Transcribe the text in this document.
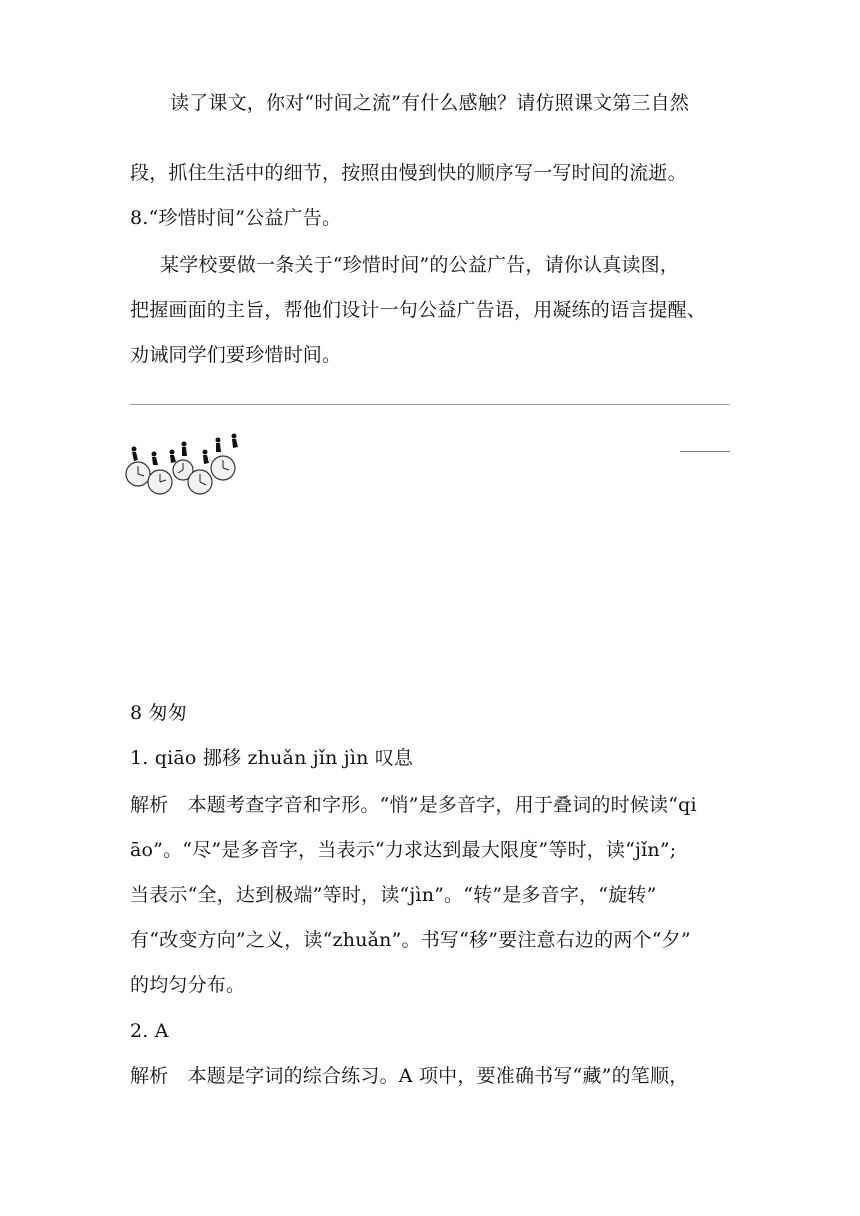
读了课文，你对“时间之流”有什么感触？请仿照课文第三自然
段，抓住生活中的细节，按照由慢到快的顺序写一写时间的流逝。
8.“珍惜时间”公益广告。
某学校要做一条关于“珍惜时间”的公益广告，请你认真读图，
把握画面的主旨，帮他们设计一句公益广告语，用凝练的语言提醒、
劝诫同学们要珍惜时间。
8 匆匆
1. qiāo 挪移 zhuǎn jǐn jìn 叹息
解析　本题考查字音和字形。“悄”是多音字，用于叠词的时候读“qi
āo”。“尽”是多音字，当表示“力求达到最大限度”等时，读“jǐn”;
当表示“全，达到极端”等时，读“jìn”。“转”是多音字，“旋转”
有“改变方向”之义，读“zhuǎn”。书写“移”要注意右边的两个“夕”
的均匀分布。
2. A
解析　本题是字词的综合练习。A 项中，要准确书写“藏”的笔顺，
